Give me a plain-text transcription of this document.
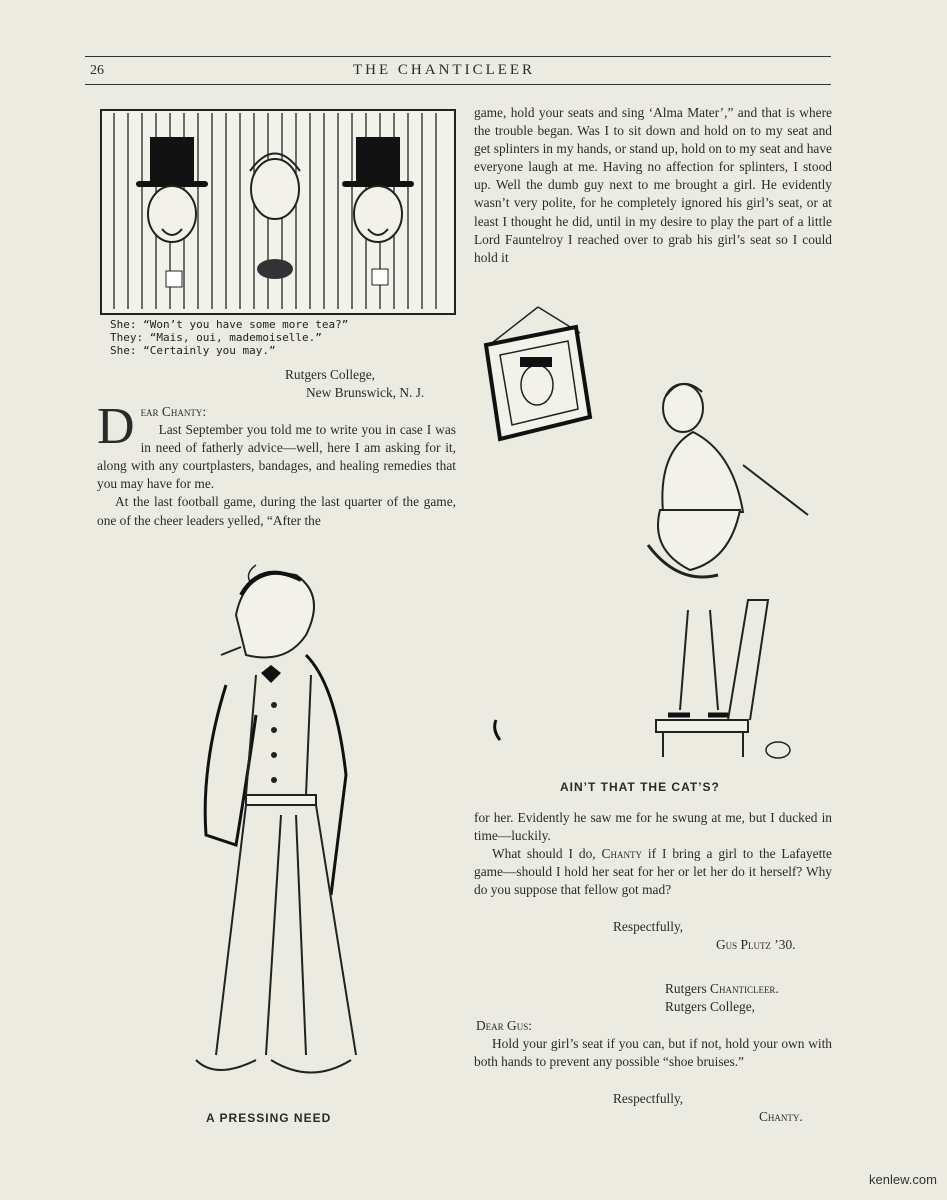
26	THE CHANTICLEER
She: “Won’t you have some more tea?”
They: “Mais, oui, mademoiselle.”
She: “Certainly you may.”
Rutgers College,
New Brunswick, N. J.

Dear Chanty:

Last September you told me to write you in case I was in need of fatherly advice—well, here I am asking for it, along with any courtplasters, bandages, and healing remedies that you may have for me.

At the last football game, during the last quarter of the game, one of the cheer leaders yelled, “After the

game, hold your seats and sing ‘Alma Mater’,” and that is where the trouble began. Was I to sit down and hold on to my seat and get splinters in my hands, or stand up, hold on to my seat and have everyone laugh at me. Having no affection for splinters, I stood up. Well the dumb guy next to me brought a girl. He evidently wasn’t very polite, for he completely ignored his girl’s seat, or at least I thought he did, until in my desire to play the part of a little Lord Fauntelroy I reached over to grab his girl’s seat so I could hold it

AIN’T THAT THE CAT’S?

for her. Evidently he saw me for he swung at me, but I ducked in time—luckily.

What should I do, Chanty if I bring a girl to the Lafayette game—should I hold her seat for her or let her do it herself? Why do you suppose that fellow got mad?

Respectfully,
Gus Plutz ’30.
Rutgers Chanticleer.
Rutgers College,
Dear Gus:

Hold your girl’s seat if you can, but if not, hold your own with both hands to prevent any possible “shoe bruises.”

Respectfully,
Chanty.
A PRESSING NEED
kenlew.com
